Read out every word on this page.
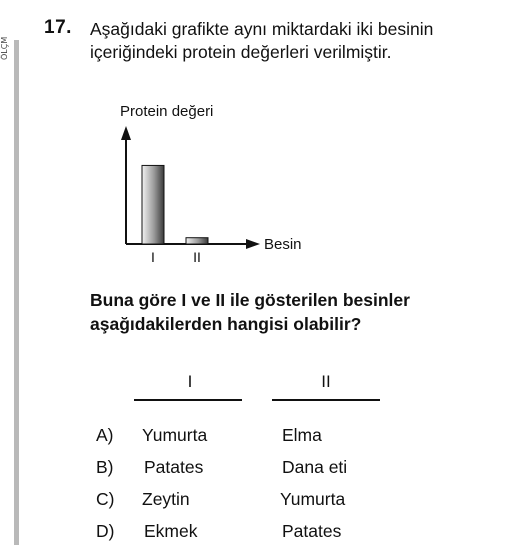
ÖLÇM
17. Aşağıdaki grafikte aynı miktardaki iki besinin
içeriğindeki protein değerleri verilmiştir.
Protein değeri
Besin
I	II
Buna göre I ve II ile gösterilen besinler
aşağıdakilerden hangisi olabilir?
I	II
A) Yumurta	Elma
B) Patates	Dana eti
C) Zeytin	Yumurta
D) Ekmek	Patates
